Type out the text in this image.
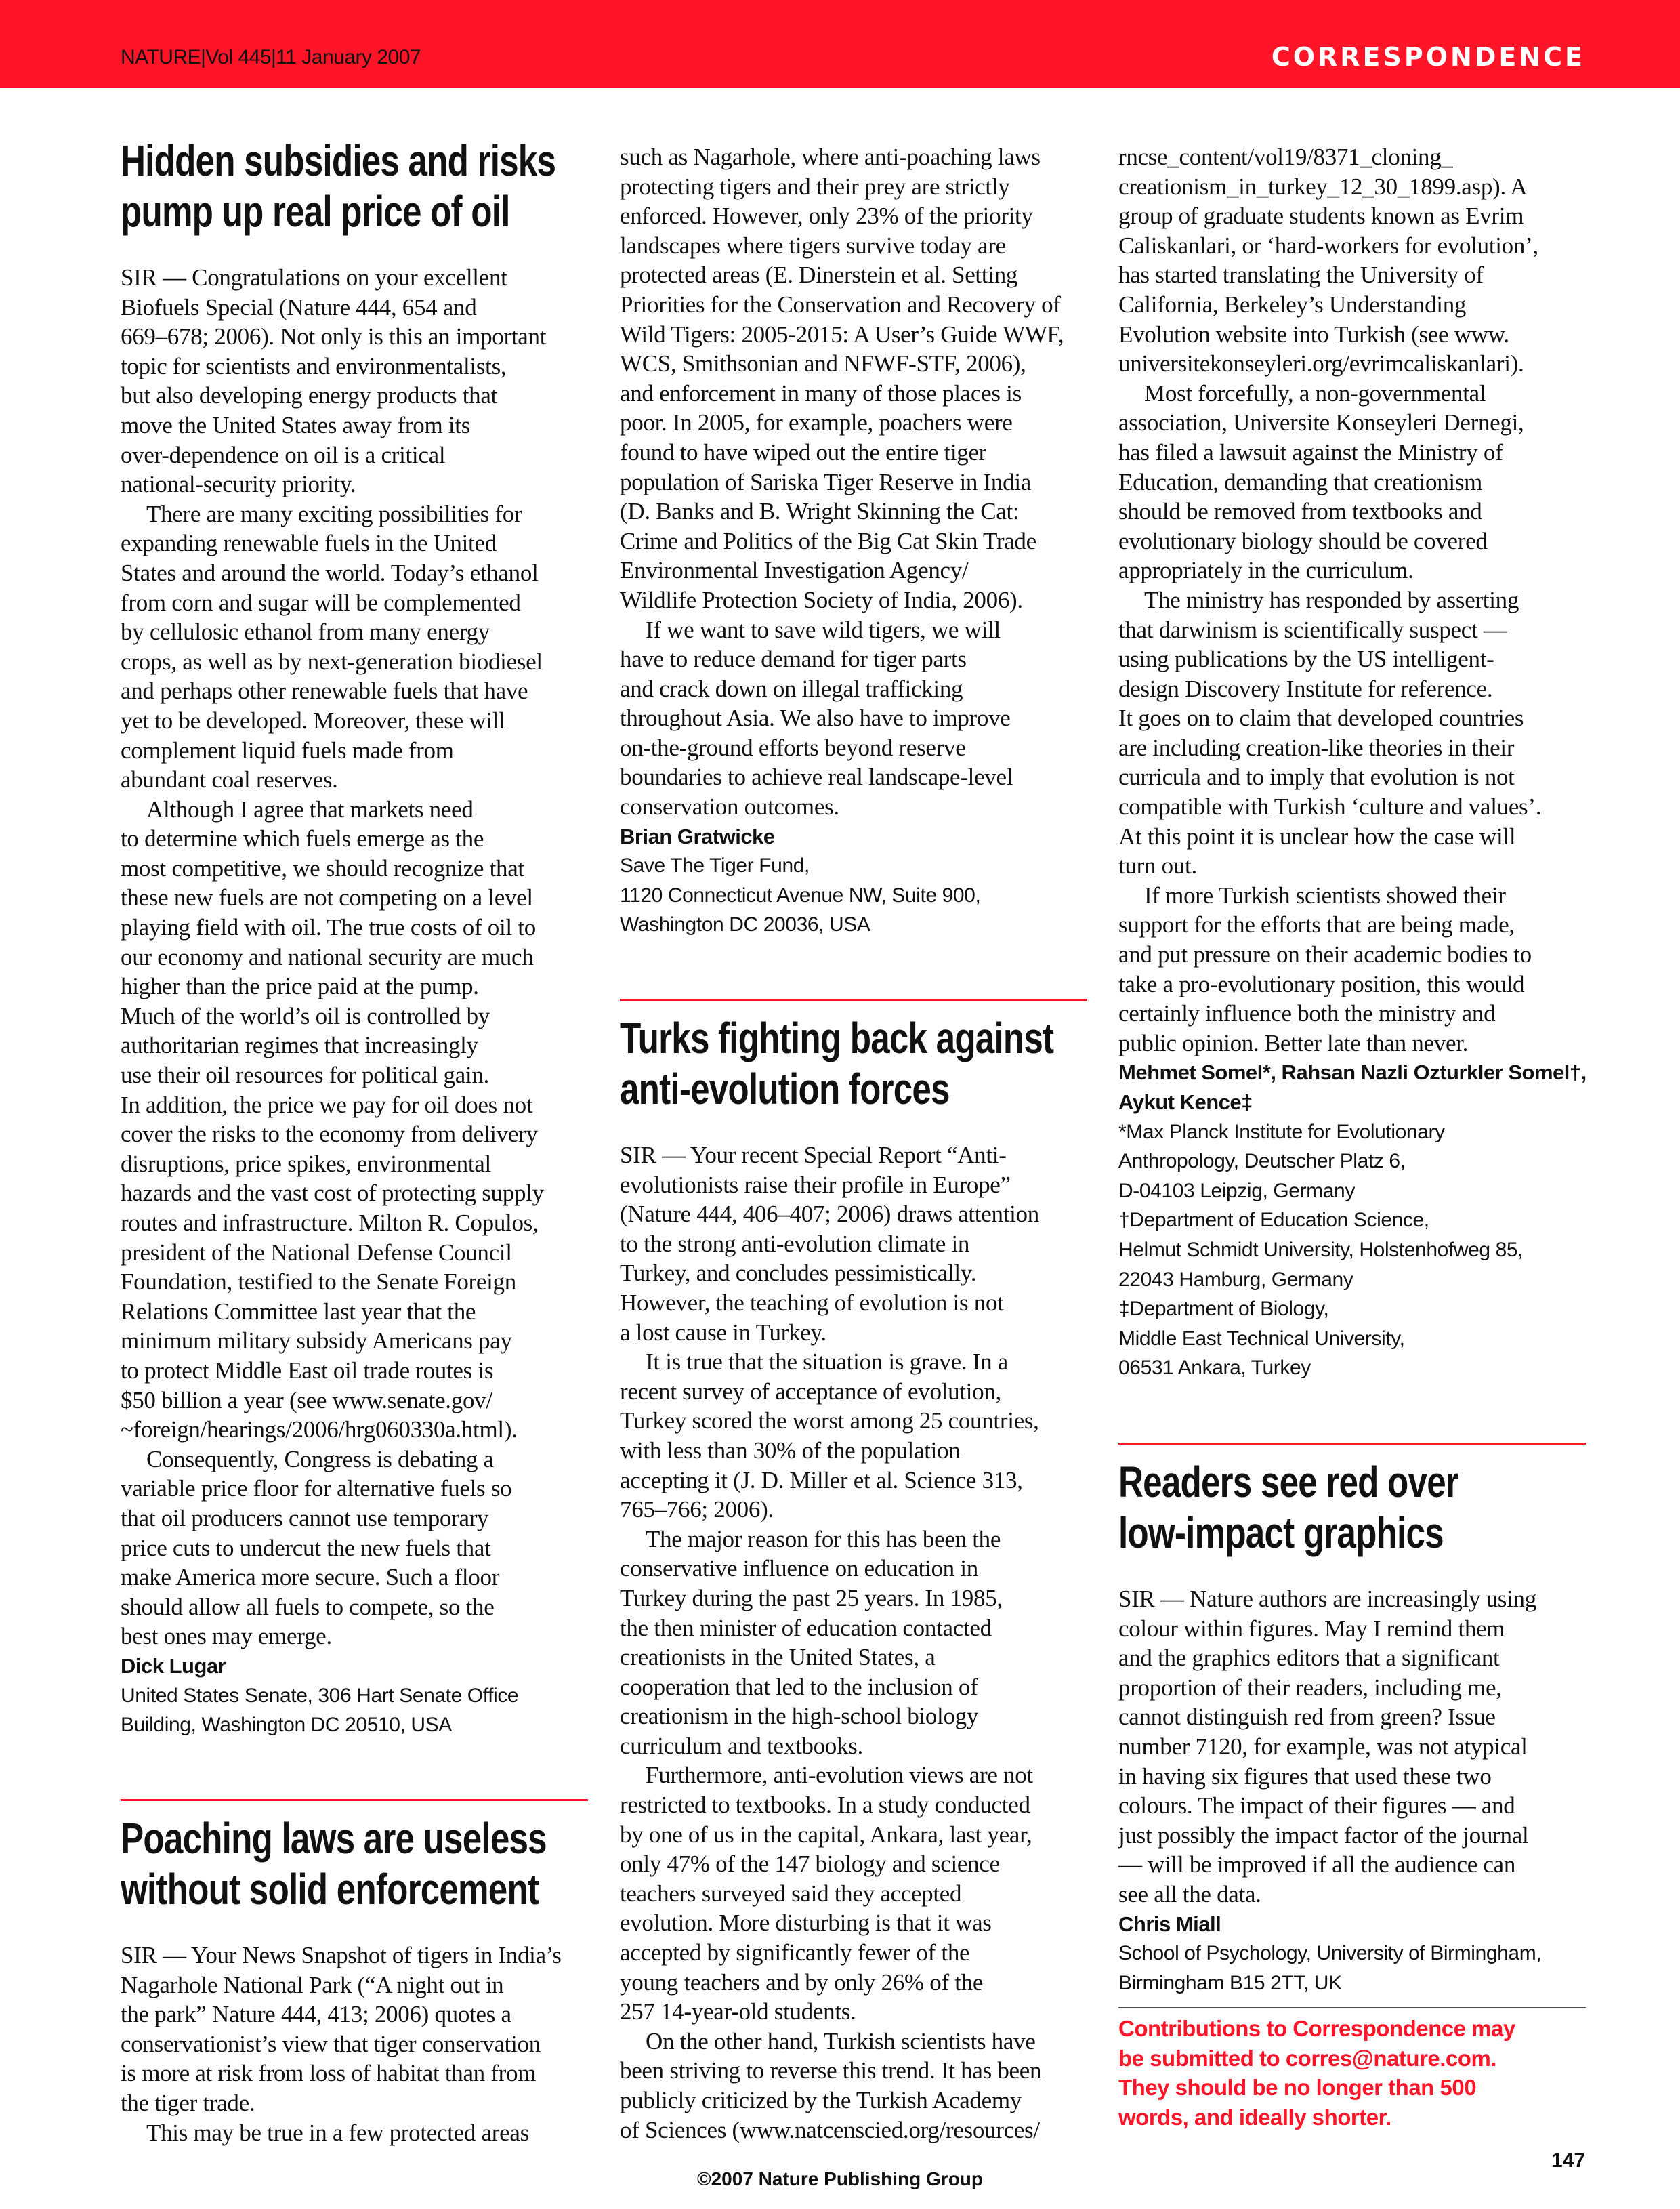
NATURE|Vol 445|11 January 2007	CORRESPONDENCE
Hidden subsidies and risks
pump up real price of oil
SIR — Congratulations on your excellent
Biofuels Special (Nature 444, 654 and
669–678; 2006). Not only is this an important
topic for scientists and environmentalists,
but also developing energy products that
move the United States away from its
over-dependence on oil is a critical
national-security priority.
There are many exciting possibilities for
expanding renewable fuels in the United
States and around the world. Today’s ethanol
from corn and sugar will be complemented
by cellulosic ethanol from many energy
crops, as well as by next-generation biodiesel
and perhaps other renewable fuels that have
yet to be developed. Moreover, these will
complement liquid fuels made from
abundant coal reserves.
Although I agree that markets need
to determine which fuels emerge as the
most competitive, we should recognize that
these new fuels are not competing on a level
playing field with oil. The true costs of oil to
our economy and national security are much
higher than the price paid at the pump.
Much of the world’s oil is controlled by
authoritarian regimes that increasingly
use their oil resources for political gain.
In addition, the price we pay for oil does not
cover the risks to the economy from delivery
disruptions, price spikes, environmental
hazards and the vast cost of protecting supply
routes and infrastructure. Milton R. Copulos,
president of the National Defense Council
Foundation, testified to the Senate Foreign
Relations Committee last year that the
minimum military subsidy Americans pay
to protect Middle East oil trade routes is
$50 billion a year (see www.senate.gov/
~foreign/hearings/2006/hrg060330a.html).
Consequently, Congress is debating a
variable price floor for alternative fuels so
that oil producers cannot use temporary
price cuts to undercut the new fuels that
make America more secure. Such a floor
should allow all fuels to compete, so the
best ones may emerge.
Dick Lugar
United States Senate, 306 Hart Senate Office
Building, Washington DC 20510, USA
Poaching laws are useless
without solid enforcement
SIR — Your News Snapshot of tigers in India’s
Nagarhole National Park (“A night out in
the park” Nature 444, 413; 2006) quotes a
conservationist’s view that tiger conservation
is more at risk from loss of habitat than from
the tiger trade.
This may be true in a few protected areas
such as Nagarhole, where anti-poaching laws
protecting tigers and their prey are strictly
enforced. However, only 23% of the priority
landscapes where tigers survive today are
protected areas (E. Dinerstein et al. Setting
Priorities for the Conservation and Recovery of
Wild Tigers: 2005-2015: A User’s Guide WWF,
WCS, Smithsonian and NFWF-STF, 2006),
and enforcement in many of those places is
poor. In 2005, for example, poachers were
found to have wiped out the entire tiger
population of Sariska Tiger Reserve in India
(D. Banks and B. Wright Skinning the Cat:
Crime and Politics of the Big Cat Skin Trade
Environmental Investigation Agency/
Wildlife Protection Society of India, 2006).
If we want to save wild tigers, we will
have to reduce demand for tiger parts
and crack down on illegal trafficking
throughout Asia. We also have to improve
on-the-ground efforts beyond reserve
boundaries to achieve real landscape-level
conservation outcomes.
Brian Gratwicke
Save The Tiger Fund,
1120 Connecticut Avenue NW, Suite 900,
Washington DC 20036, USA
Turks fighting back against
anti-evolution forces
SIR — Your recent Special Report “Anti-
evolutionists raise their profile in Europe”
(Nature 444, 406–407; 2006) draws attention
to the strong anti-evolution climate in
Turkey, and concludes pessimistically.
However, the teaching of evolution is not
a lost cause in Turkey.
It is true that the situation is grave. In a
recent survey of acceptance of evolution,
Turkey scored the worst among 25 countries,
with less than 30% of the population
accepting it (J. D. Miller et al. Science 313,
765–766; 2006).
The major reason for this has been the
conservative influence on education in
Turkey during the past 25 years. In 1985,
the then minister of education contacted
creationists in the United States, a
cooperation that led to the inclusion of
creationism in the high-school biology
curriculum and textbooks.
Furthermore, anti-evolution views are not
restricted to textbooks. In a study conducted
by one of us in the capital, Ankara, last year,
only 47% of the 147 biology and science
teachers surveyed said they accepted
evolution. More disturbing is that it was
accepted by significantly fewer of the
young teachers and by only 26% of the
257 14-year-old students.
On the other hand, Turkish scientists have
been striving to reverse this trend. It has been
publicly criticized by the Turkish Academy
of Sciences (www.natcenscied.org/resources/
rncse_content/vol19/8371_cloning_
creationism_in_turkey_12_30_1899.asp). A
group of graduate students known as Evrim
Caliskanlari, or ‘hard-workers for evolution’,
has started translating the University of
California, Berkeley’s Understanding
Evolution website into Turkish (see www.
universitekonseyleri.org/evrimcaliskanlari).
Most forcefully, a non-governmental
association, Universite Konseyleri Dernegi,
has filed a lawsuit against the Ministry of
Education, demanding that creationism
should be removed from textbooks and
evolutionary biology should be covered
appropriately in the curriculum.
The ministry has responded by asserting
that darwinism is scientifically suspect —
using publications by the US intelligent-
design Discovery Institute for reference.
It goes on to claim that developed countries
are including creation-like theories in their
curricula and to imply that evolution is not
compatible with Turkish ‘culture and values’.
At this point it is unclear how the case will
turn out.
If more Turkish scientists showed their
support for the efforts that are being made,
and put pressure on their academic bodies to
take a pro-evolutionary position, this would
certainly influence both the ministry and
public opinion. Better late than never.
Mehmet Somel*, Rahsan Nazli Ozturkler Somel†,
Aykut Kence‡
*Max Planck Institute for Evolutionary
Anthropology, Deutscher Platz 6,
D-04103 Leipzig, Germany
†Department of Education Science,
Helmut Schmidt University, Holstenhofweg 85,
22043 Hamburg, Germany
‡Department of Biology,
Middle East Technical University,
06531 Ankara, Turkey
Readers see red over
low-impact graphics
SIR — Nature authors are increasingly using
colour within figures. May I remind them
and the graphics editors that a significant
proportion of their readers, including me,
cannot distinguish red from green? Issue
number 7120, for example, was not atypical
in having six figures that used these two
colours. The impact of their figures — and
just possibly the impact factor of the journal
— will be improved if all the audience can
see all the data.
Chris Miall
School of Psychology, University of Birmingham,
Birmingham B15 2TT, UK
Contributions to Correspondence may
be submitted to corres@nature.com.
They should be no longer than 500
words, and ideally shorter.
147
©2007 Nature Publishing Group
